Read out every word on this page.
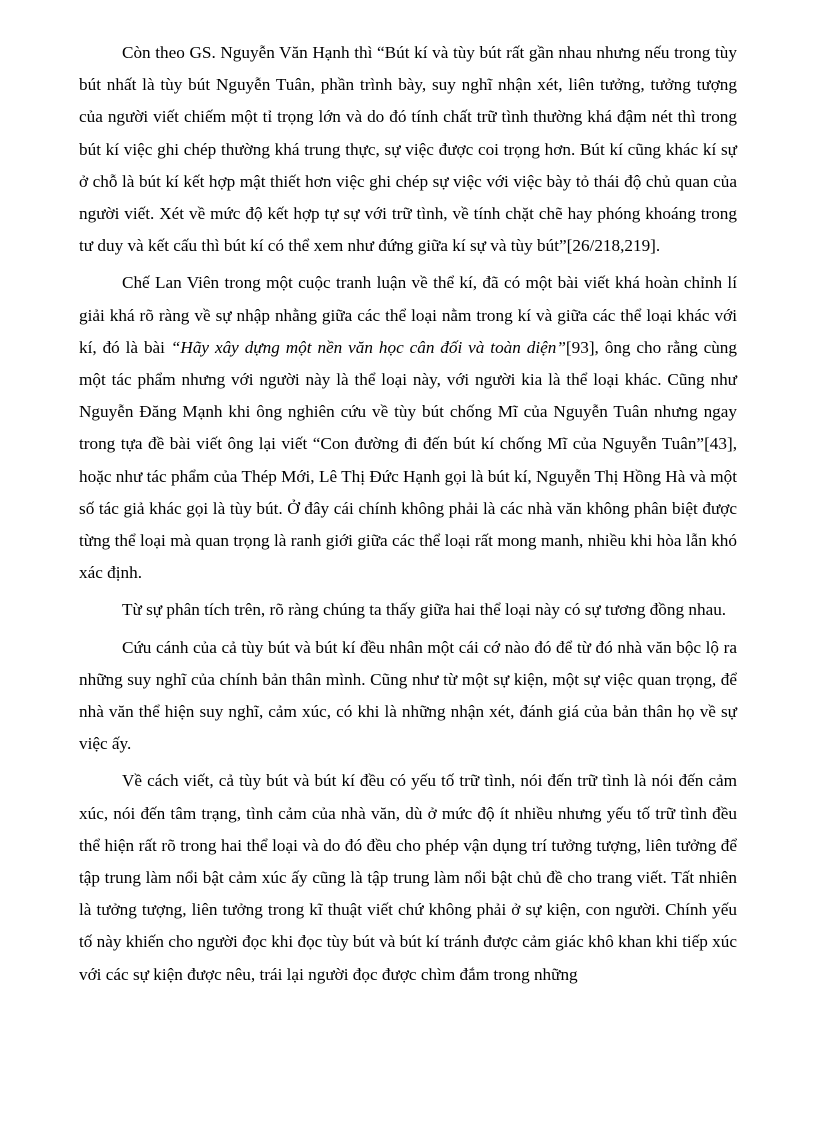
Còn theo GS. Nguyễn Văn Hạnh thì “Bút kí và tùy bút rất gần nhau nhưng nếu trong tùy bút nhất là tùy bút Nguyễn Tuân, phần trình bày, suy nghĩ nhận xét, liên tưởng, tưởng tượng của người viết chiếm một tỉ trọng lớn và do đó tính chất trữ tình thường khá đậm nét thì trong bút kí việc ghi chép thường khá trung thực, sự việc được coi trọng hơn. Bút kí cũng khác kí sự ở chỗ là bút kí kết hợp mật thiết hơn việc ghi chép sự việc với việc bày tỏ thái độ chủ quan của người viết. Xét về mức độ kết hợp tự sự với trữ tình, về tính chặt chẽ hay phóng khoáng trong tư duy và kết cấu thì bút kí có thể xem như đứng giữa kí sự và tùy bút”[26/218,219].

Chế Lan Viên trong một cuộc tranh luận về thể kí, đã có một bài viết khá hoàn chỉnh lí giải khá rõ ràng về sự nhập nhằng giữa các thể loại nằm trong kí và giữa các thể loại khác với kí, đó là bài “Hãy xây dựng một nền văn học cân đối và toàn diện”[93], ông cho rằng cùng một tác phẩm nhưng với người này là thể loại này, với người kia là thể loại khác. Cũng như Nguyễn Đăng Mạnh khi ông nghiên cứu về tùy bút chống Mĩ của Nguyễn Tuân nhưng ngay trong tựa đề bài viết ông lại viết “Con đường đi đến bút kí chống Mĩ của Nguyễn Tuân”[43], hoặc như tác phẩm của Thép Mới, Lê Thị Đức Hạnh gọi là bút kí, Nguyễn Thị Hồng Hà và một số tác giả khác gọi là tùy bút. Ở đây cái chính không phải là các nhà văn không phân biệt được từng thể loại mà quan trọng là ranh giới giữa các thể loại rất mong manh, nhiều khi hòa lẫn khó xác định.

Từ sự phân tích trên, rõ ràng chúng ta thấy giữa hai thể loại này có sự tương đồng nhau.

Cứu cánh của cả tùy bút và bút kí đều nhân một cái cớ nào đó để từ đó nhà văn bộc lộ ra những suy nghĩ của chính bản thân mình. Cũng như từ một sự kiện, một sự việc quan trọng, để nhà văn thể hiện suy nghĩ, cảm xúc, có khi là những nhận xét, đánh giá của bản thân họ về sự việc ấy.

Về cách viết, cả tùy bút và bút kí đều có yếu tố trữ tình, nói đến trữ tình là nói đến cảm xúc, nói đến tâm trạng, tình cảm của nhà văn, dù ở mức độ ít nhiều nhưng yếu tố trữ tình đều thể hiện rất rõ trong hai thể loại và do đó đều cho phép vận dụng trí tưởng tượng, liên tưởng để tập trung làm nổi bật cảm xúc ấy cũng là tập trung làm nổi bật chủ đề cho trang viết. Tất nhiên là tưởng tượng, liên tưởng trong kĩ thuật viết chứ không phải ở sự kiện, con người. Chính yếu tố này khiến cho người đọc khi đọc tùy bút và bút kí tránh được cảm giác khô khan khi tiếp xúc với các sự kiện được nêu, trái lại người đọc được chìm đắm trong những
